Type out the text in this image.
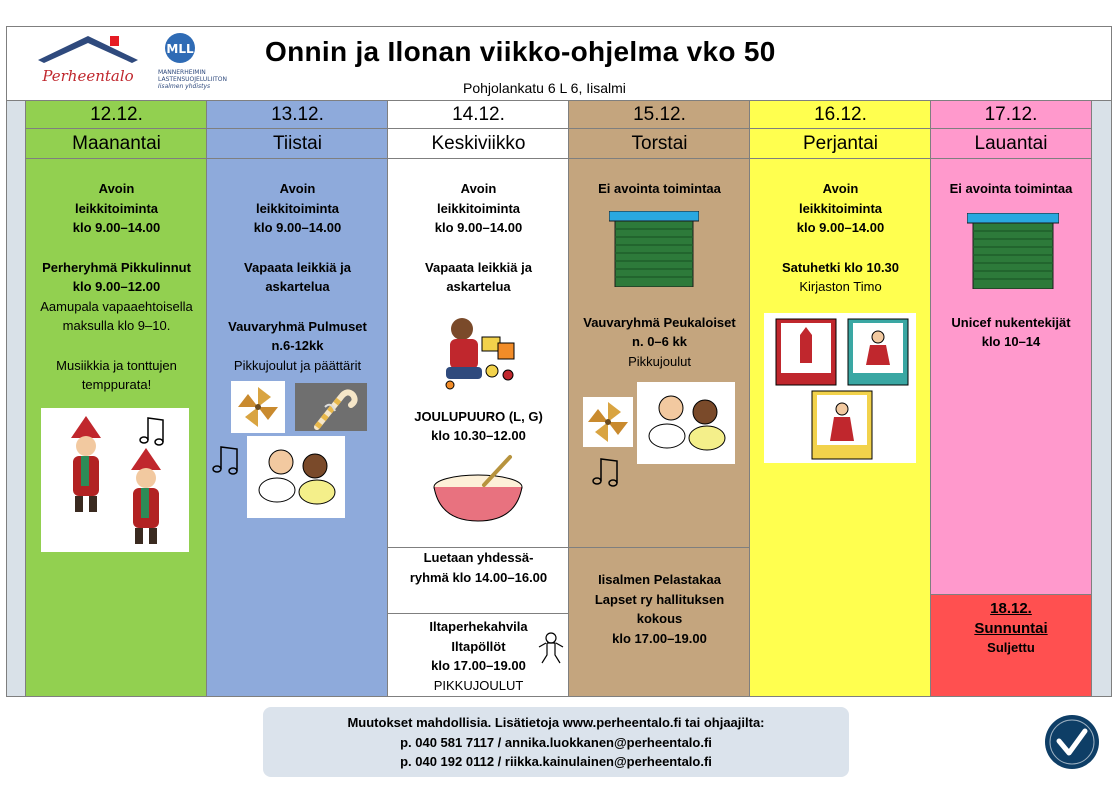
Perheentalo
MLL
MANNERHEIMIN
LASTENSUOJELULIITON
Iisalmen yhdistys
Onnin ja Ilonan viikko-ohjelma vko 50
Pohjolankatu 6 L 6, Iisalmi
12.12.
Maanantai
Avoin
leikkitoiminta
klo 9.00–14.00
Perheryhmä Pikkulinnut
klo 9.00–12.00
Aamupala vapaaehtoisella
maksulla klo 9–10.
Musiikkia ja tonttujen
temppurata!
13.12.
Tiistai
Avoin
leikkitoiminta
klo 9.00–14.00
Vapaata leikkiä ja
askartelua
Vauvaryhmä Pulmuset
n.6-12kk
Pikkujoulut ja päättärit
14.12.
Keskiviikko
Avoin
leikkitoiminta
klo 9.00–14.00
Vapaata leikkiä ja
askartelua
JOULUPUURO (L, G)
klo 10.30–12.00
Luetaan yhdessä-
ryhmä klo 14.00–16.00
Iltaperhekahvila
Iltapöllöt
klo 17.00–19.00
PIKKUJOULUT
15.12.
Torstai
Ei avointa toimintaa
Vauvaryhmä Peukaloiset
n. 0–6 kk
Pikkujoulut
Iisalmen Pelastakaa
Lapset ry hallituksen
kokous
klo 17.00–19.00
16.12.
Perjantai
Avoin
leikkitoiminta
klo 9.00–14.00
Satuhetki klo 10.30
Kirjaston Timo
17.12.
Lauantai
Ei avointa toimintaa
Unicef nukentekijät
klo 10–14
18.12.
Sunnuntai
Suljettu
Muutokset mahdollisia. Lisätietoja www.perheentalo.fi tai ohjaajilta:
p. 040 581 7117 / annika.luokkanen@perheentalo.fi
p. 040 192 0112 / riikka.kainulainen@perheentalo.fi
